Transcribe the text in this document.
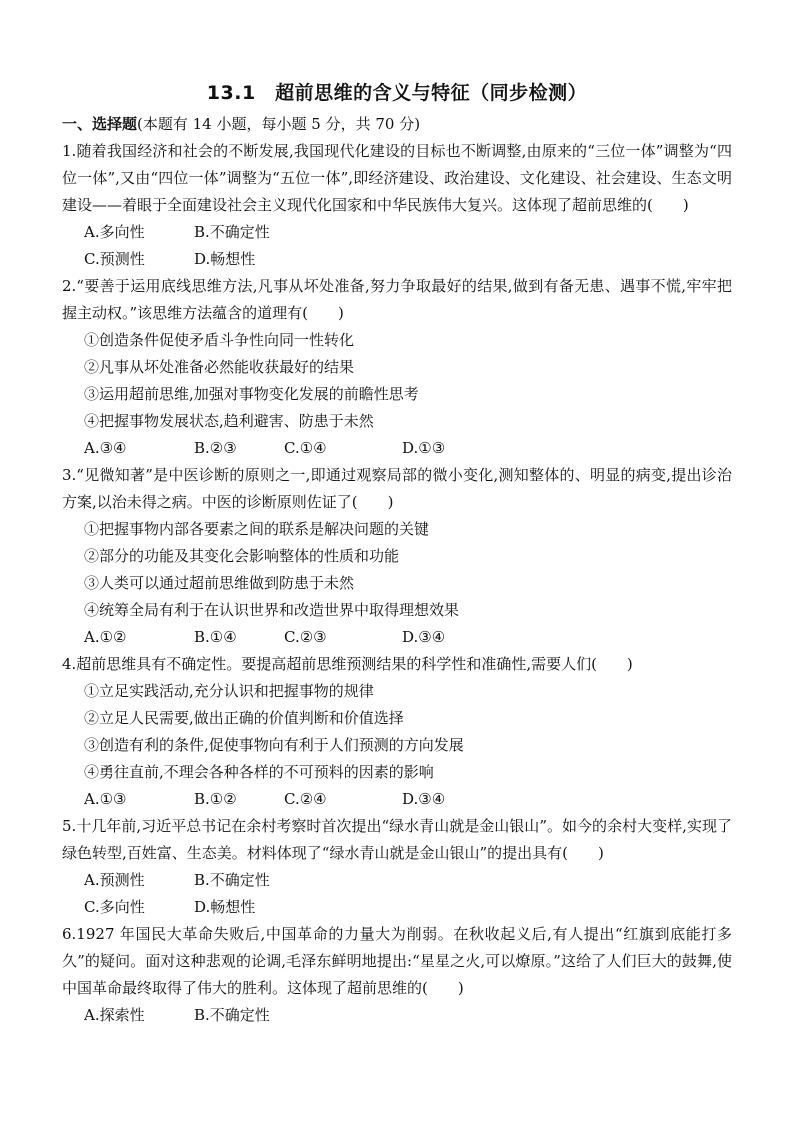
13.1　超前思维的含义与特征（同步检测）
一、选择题(本题有 14 小题，每小题 5 分，共 70 分)

1.随着我国经济和社会的不断发展,我国现代化建设的目标也不断调整,由原来的“三位一体”调整为“四位一体”,又由“四位一体”调整为“五位一体”,即经济建设、政治建设、文化建设、社会建设、生态文明建设——着眼于全面建设社会主义现代化国家和中华民族伟大复兴。这体现了超前思维的(　　)

A.多向性	B.不确定性
C.预测性	D.畅想性

2.“要善于运用底线思维方法,凡事从坏处准备,努力争取最好的结果,做到有备无患、遇事不慌,牢牢把握主动权。”该思维方法蕴含的道理有(　　)

①创造条件促使矛盾斗争性向同一性转化

②凡事从坏处准备必然能收获最好的结果

③运用超前思维,加强对事物变化发展的前瞻性思考

④把握事物发展状态,趋利避害、防患于未然

A.③④	B.②③	C.①④	D.①③

3.“见微知著”是中医诊断的原则之一,即通过观察局部的微小变化,测知整体的、明显的病变,提出诊治方案,以治未得之病。中医的诊断原则佐证了(　　)

①把握事物内部各要素之间的联系是解决问题的关键

②部分的功能及其变化会影响整体的性质和功能

③人类可以通过超前思维做到防患于未然

④统筹全局有利于在认识世界和改造世界中取得理想效果

A.①②	B.①④	C.②③	D.③④

4.超前思维具有不确定性。要提高超前思维预测结果的科学性和准确性,需要人们(　　)

①立足实践活动,充分认识和把握事物的规律

②立足人民需要,做出正确的价值判断和价值选择

③创造有利的条件,促使事物向有利于人们预测的方向发展

④勇往直前,不理会各种各样的不可预料的因素的影响

A.①③	B.①②	C.②④	D.③④

5.十几年前,习近平总书记在余村考察时首次提出“绿水青山就是金山银山”。如今的余村大变样,实现了绿色转型,百姓富、生态美。材料体现了“绿水青山就是金山银山”的提出具有(　　)

A.预测性	B.不确定性
C.多向性	D.畅想性

6.1927 年国民大革命失败后,中国革命的力量大为削弱。在秋收起义后,有人提出“红旗到底能打多久”的疑问。面对这种悲观的论调,毛泽东鲜明地提出:“星星之火,可以燎原。”这给了人们巨大的鼓舞,使中国革命最终取得了伟大的胜利。这体现了超前思维的(　　)

A.探索性	B.不确定性
